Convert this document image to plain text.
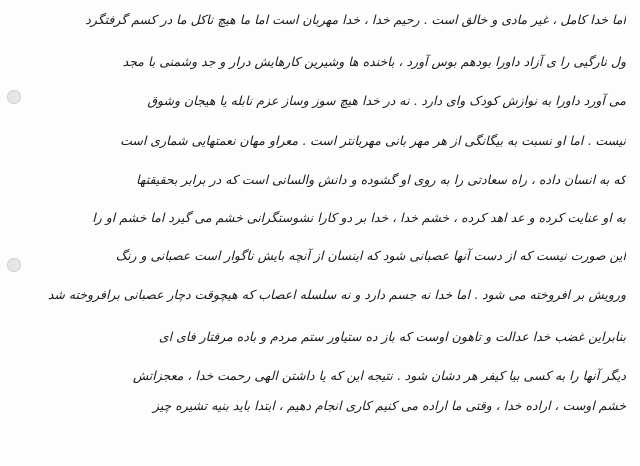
اما خدا کامل ، غیر مادی و خالق است . رحیم خدا ، خدا مهربان است اما ما هیچ ناکل ما در کسم گرفتگرد
ول نارگیی را ی آزاد داورا بودهم بوس آورد ، باخنده ها وشیرین کارهایش درار و جد وشمنی با مجد
می آورد داورا به نوازش کودک وای دارد . نه در خدا هیچ سوز وساز عزم نابله یا هیجان وشوق
نیست . اما او نسبت به بیگانگی از هر مهر بانی مهربانتر است . معراو مهان نعمتهایی شماری است
که به انسان داده ، راه سعادتی را به روی او گشوده و دانش والسانی است که در برابر بحقیقتها
به او عنایت کرده و عد اهد کرده ، خشم خدا ، خدا بر دو کارا نشوستگرانی خشم می گیرد اما خشم او را
این صورت نیست که از دست آنها عصبانی شود که اینسان از آنچه بایش ناگوار است عصبانی و رنگ
ورویش بر افروخته می شود . اما خدا نه جسم دارد و نه سلسله اعصاب که هیچوقت دچار عصبانی برافروخته شد
بنابراین غضب خدا عدالت و تاهون اوست که باز ده ستیاور ستم مردم و باده مرفتار فای ای
دیگر آنها را به کسی بیا کیفر هر دشان شود . نتیجه این که یا داشتن الهی رحمت خدا ، معجزاتش
خشم اوست ، اراده خدا ، وقتی ما اراده می کنیم کاری انجام دهیم ، ابتدا باید بنیه تشیره چیز
